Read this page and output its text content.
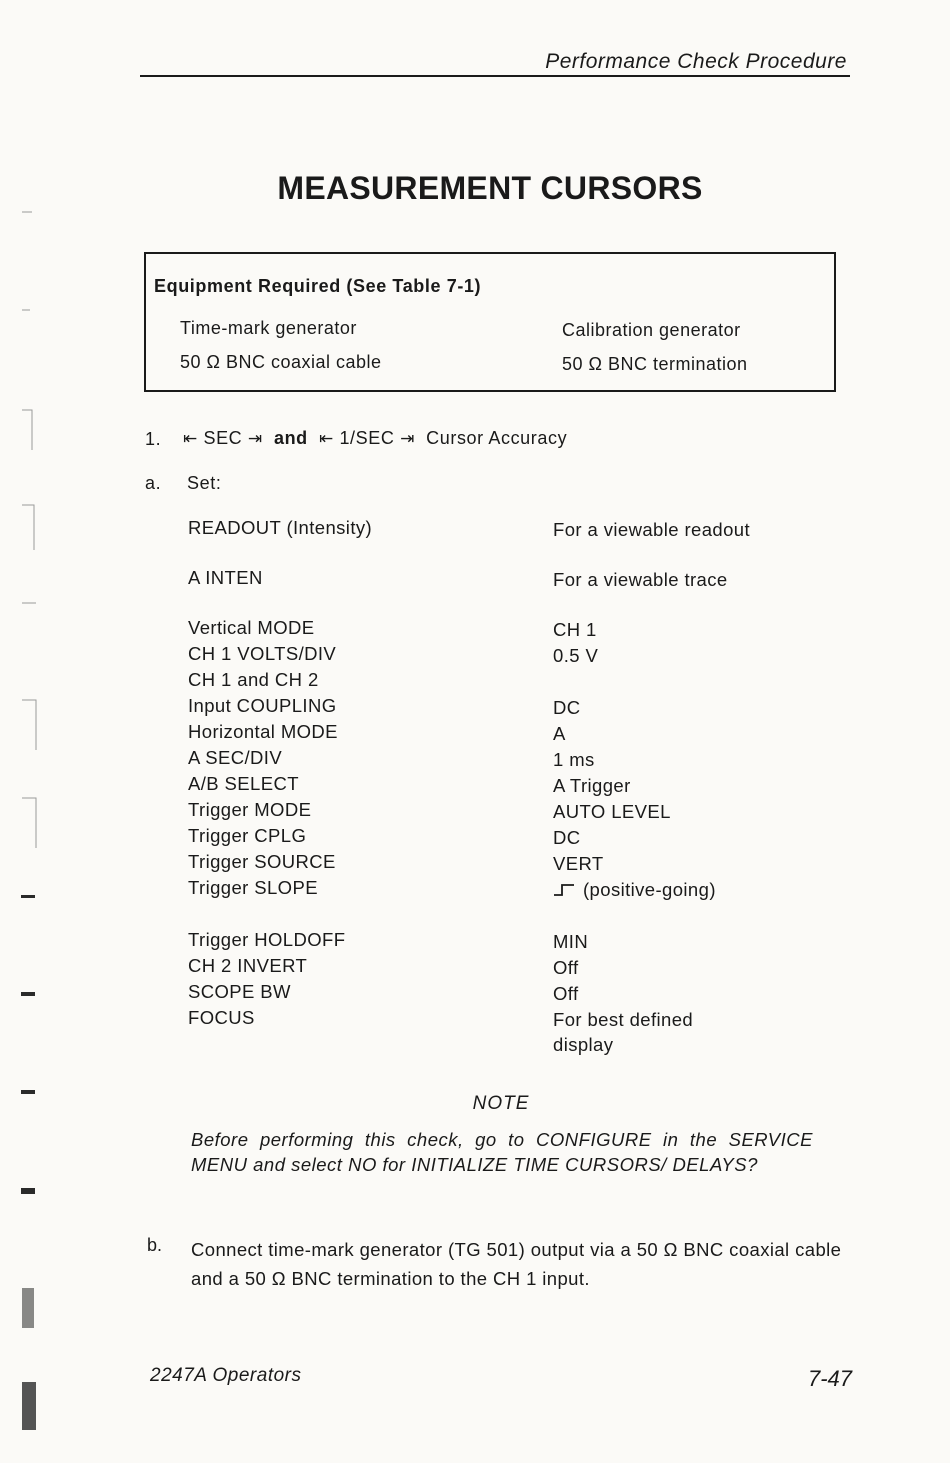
Performance Check Procedure
MEASUREMENT CURSORS
Equipment Required (See Table 7-1)
Time-mark generator	Calibration generator
50 Ω BNC coaxial cable	50 Ω BNC termination
1. ⇤ SEC ⇥ and ⇤ 1/SEC ⇥ Cursor Accuracy
a. Set:
READOUT (Intensity)	For a viewable readout
A INTEN	For a viewable trace
Vertical MODE	CH 1
CH 1 VOLTS/DIV	0.5 V
CH 1 and CH 2
Input COUPLING	DC
Horizontal MODE	A
A SEC/DIV	1 ms
A/B SELECT	A Trigger
Trigger MODE	AUTO LEVEL
Trigger CPLG	DC
Trigger SOURCE	VERT
Trigger SLOPE	(positive-going)
Trigger HOLDOFF	MIN
CH 2 INVERT	Off
SCOPE BW	Off
FOCUS	For best defined display
NOTE
Before performing this check, go to CONFIGURE in the SERVICE MENU and select NO for INITIALIZE TIME CURSORS/ DELAYS?
b. Connect time-mark generator (TG 501) output via a 50 Ω BNC coaxial cable and a 50 Ω BNC termination to the CH 1 input.
2247A Operators	7-47
